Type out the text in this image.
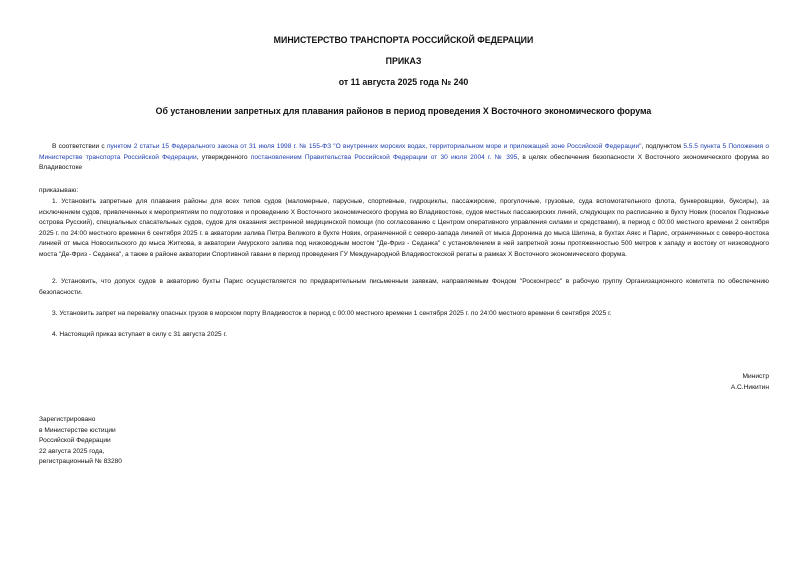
МИНИСТЕРСТВО ТРАНСПОРТА РОССИЙСКОЙ ФЕДЕРАЦИИ
ПРИКАЗ
от 11 августа 2025 года № 240
Об установлении запретных для плавания районов в период проведения X Восточного экономического форума
В соответствии с пунктом 2 статьи 15 Федерального закона от 31 июля 1998 г. № 155-ФЗ "О внутренних морских водах, территориальном море и прилежащей зоне Российской Федерации", подпунктом 5.5.5 пункта 5 Положения о Министерстве транспорта Российской Федерации, утвержденного постановлением Правительства Российской Федерации от 30 июля 2004 г. № 395, в целях обеспечения безопасности X Восточного экономического форума во Владивостоке
приказываю:
1. Установить запретные для плавания районы для всех типов судов (маломерные, парусные, спортивные, гидроциклы, пассажирские, прогулочные, грузовые, суда вспомогательного флота, бункеровщики, буксиры), за исключением судов, привлеченных к мероприятиям по подготовке и проведению X Восточного экономического форума во Владивостоке, судов местных пассажирских линий, следующих по расписанию в бухту Новик (поселок Подножье острова Русский), специальных спасательных судов, судов для оказания экстренной медицинской помощи (по согласованию с Центром оперативного управления силами и средствами), в период с 00:00 местного времени 2 сентября 2025 г. по 24:00 местного времени 6 сентября 2025 г. в акватории залива Петра Великого в бухте Новик, ограниченной с северо-запада линией от мыса Доронина до мыса Шигина, в бухтах Аякс и Парис, ограниченных с северо-востока линией от мыса Новосильского до мыса Житкова, в акватории Амурского залива под низководным мостом "Де-Фриз - Седанка" с установлением в ней запретной зоны протяженностью 500 метров к западу и востоку от низководного моста "Де-Фриз - Седанка", а также в районе акватории Спортивной гавани в период проведения ГУ Международной Владивостокской регаты в рамках X Восточного экономического форума.
2. Установить, что допуск судов в акваторию бухты Парис осуществляется по предварительным письменным заявкам, направляемым Фондом "Росконгресс" в рабочую группу Организационного комитета по обеспечению безопасности.
3. Установить запрет на перевалку опасных грузов в морском порту Владивосток в период с 00:00 местного времени 1 сентября 2025 г. по 24:00 местного времени 6 сентября 2025 г.
4. Настоящий приказ вступает в силу с 31 августа 2025 г.
Министр
А.С.Никитин
Зарегистрировано
в Министерстве юстиции
Российской Федерации
22 августа 2025 года,
регистрационный № 83280
